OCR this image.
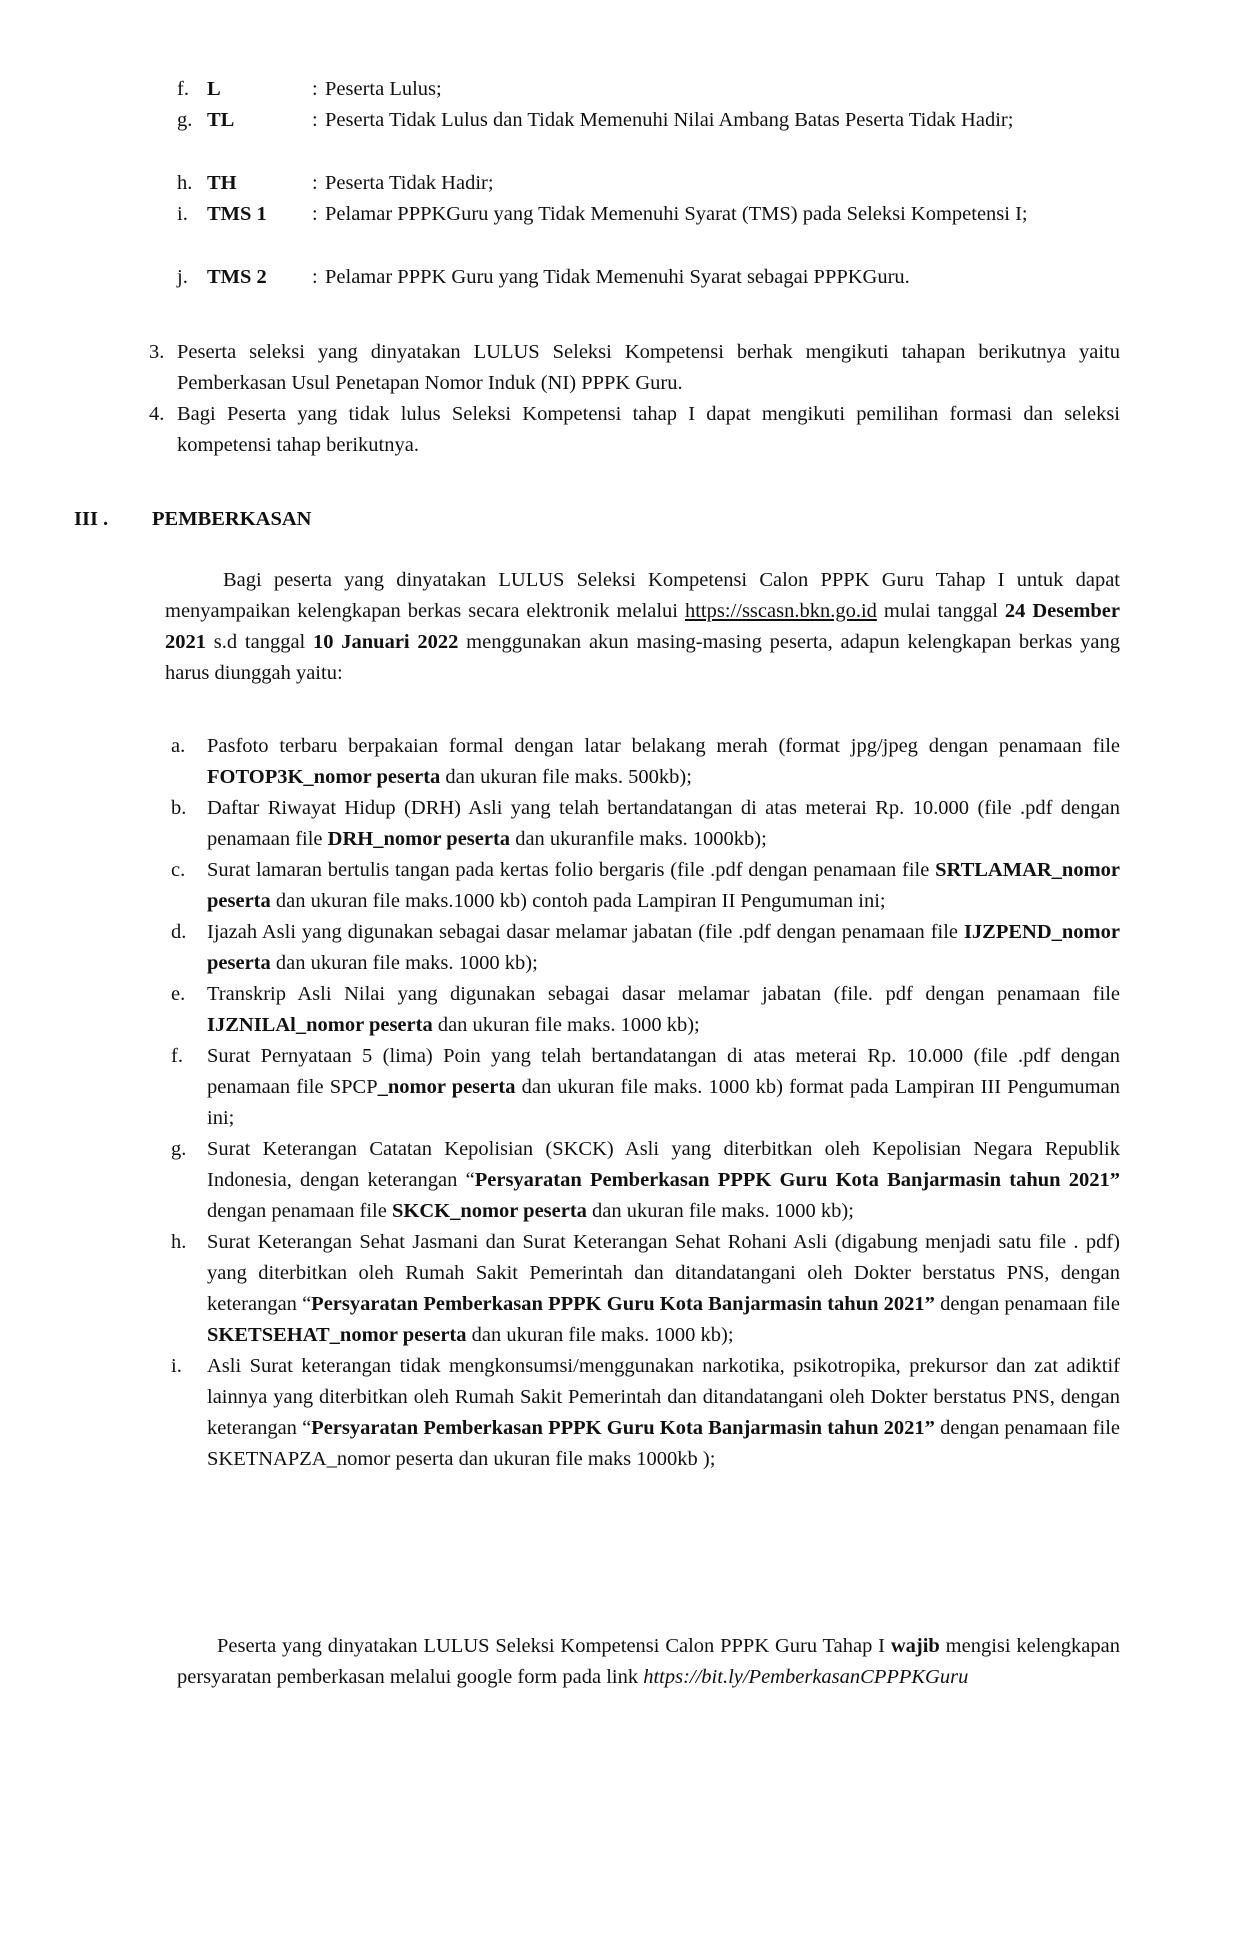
f. L	: Peserta Lulus;
g. TL	: Peserta Tidak Lulus dan Tidak Memenuhi Nilai Ambang Batas Peserta Tidak Hadir;
h. TH	: Peserta Tidak Hadir;
i. TMS 1 : Pelamar PPPKGuru yang Tidak Memenuhi Syarat (TMS) pada Seleksi Kompetensi I;
j. TMS 2 : Pelamar PPPK Guru yang Tidak Memenuhi Syarat sebagai PPPKGuru.
3. Peserta seleksi yang dinyatakan LULUS Seleksi Kompetensi berhak mengikuti tahapan berikutnya yaitu Pemberkasan Usul Penetapan Nomor Induk (NI) PPPK Guru.
4. Bagi Peserta yang tidak lulus Seleksi Kompetensi tahap I dapat mengikuti pemilihan formasi dan seleksi kompetensi tahap berikutnya.
III . PEMBERKASAN
Bagi peserta yang dinyatakan LULUS Seleksi Kompetensi Calon PPPK Guru Tahap I untuk dapat menyampaikan kelengkapan berkas secara elektronik melalui https://sscasn.bkn.go.id mulai tanggal 24 Desember 2021 s.d tanggal 10 Januari 2022 menggunakan akun masing-masing peserta, adapun kelengkapan berkas yang harus diunggah yaitu:
a. Pasfoto terbaru berpakaian formal dengan latar belakang merah (format jpg/jpeg dengan penamaan file FOTOP3K_nomor peserta dan ukuran file maks. 500kb);
b. Daftar Riwayat Hidup (DRH) Asli yang telah bertandatangan di atas meterai Rp. 10.000 (file .pdf dengan penamaan file DRH_nomor peserta dan ukuranfile maks. 1000kb);
c. Surat lamaran bertulis tangan pada kertas folio bergaris (file .pdf dengan penamaan file SRTLAMAR_nomor peserta dan ukuran file maks.1000 kb) contoh pada Lampiran II Pengumuman ini;
d. Ijazah Asli yang digunakan sebagai dasar melamar jabatan (file .pdf dengan penamaan file IJZPEND_nomor peserta dan ukuran file maks. 1000 kb);
e. Transkrip Asli Nilai yang digunakan sebagai dasar melamar jabatan (file. pdf dengan penamaan file IJZNILAl_nomor peserta dan ukuran file maks. 1000 kb);
f. Surat Pernyataan 5 (lima) Poin yang telah bertandatangan di atas meterai Rp. 10.000 (file .pdf dengan penamaan file SPCP_nomor peserta dan ukuran file maks. 1000 kb) format pada Lampiran III Pengumuman ini;
g. Surat Keterangan Catatan Kepolisian (SKCK) Asli yang diterbitkan oleh Kepolisian Negara Republik Indonesia, dengan keterangan “Persyaratan Pemberkasan PPPK Guru Kota Banjarmasin tahun 2021” dengan penamaan file SKCK_nomor peserta dan ukuran file maks. 1000 kb);
h. Surat Keterangan Sehat Jasmani dan Surat Keterangan Sehat Rohani Asli (digabung menjadi satu file . pdf) yang diterbitkan oleh Rumah Sakit Pemerintah dan ditandatangani oleh Dokter berstatus PNS, dengan keterangan “Persyaratan Pemberkasan PPPK Guru Kota Banjarmasin tahun 2021” dengan penamaan file SKETSEHAT_nomor peserta dan ukuran file maks. 1000 kb);
i. Asli Surat keterangan tidak mengkonsumsi/menggunakan narkotika, psikotropika, prekursor dan zat adiktif lainnya yang diterbitkan oleh Rumah Sakit Pemerintah dan ditandatangani oleh Dokter berstatus PNS, dengan keterangan “Persyaratan Pemberkasan PPPK Guru Kota Banjarmasin tahun 2021” dengan penamaan file SKETNAPZA_nomor peserta dan ukuran file maks 1000kb );
Peserta yang dinyatakan LULUS Seleksi Kompetensi Calon PPPK Guru Tahap I wajib mengisi kelengkapan persyaratan pemberkasan melalui google form pada link https://bit.ly/PemberkasanCPPPKGuru
